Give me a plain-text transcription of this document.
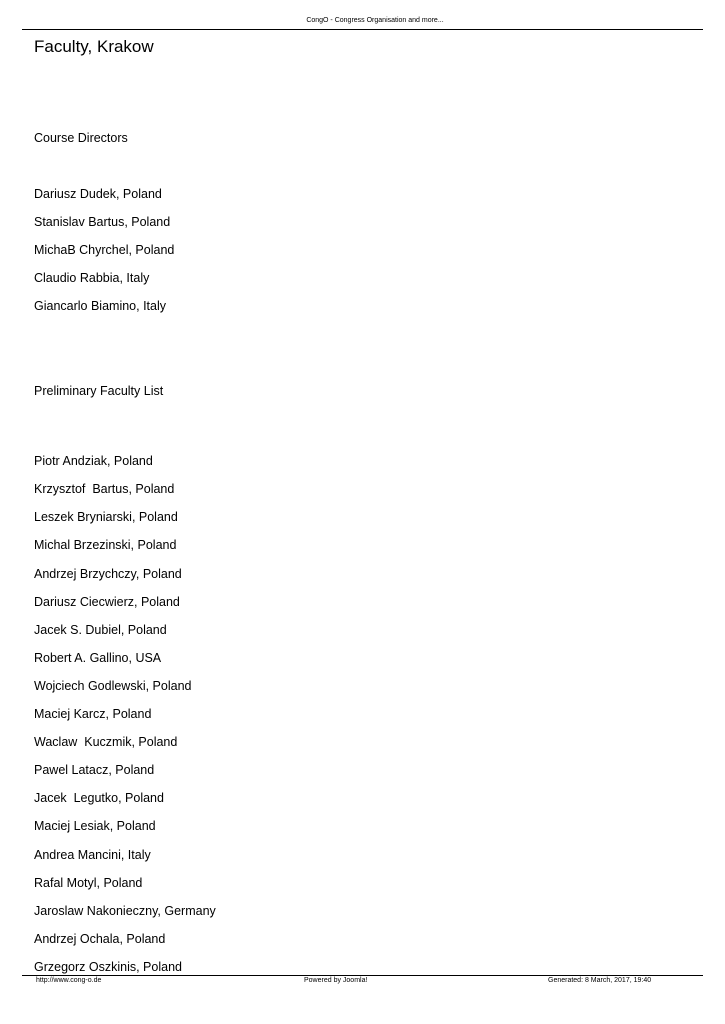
CongO - Congress Organisation and more...
Faculty, Krakow
Course Directors
Dariusz Dudek, Poland
Stanislav Bartus, Poland
MichaB Chyrchel, Poland
Claudio Rabbia, Italy
Giancarlo Biamino, Italy
Preliminary Faculty List
Piotr Andziak, Poland
Krzysztof  Bartus, Poland
Leszek Bryniarski, Poland
Michal Brzezinski, Poland
Andrzej Brzychczy, Poland
Dariusz Ciecwierz, Poland
Jacek S. Dubiel, Poland
Robert A. Gallino, USA
Wojciech Godlewski, Poland
Maciej Karcz, Poland
Waclaw  Kuczmik, Poland
Pawel Latacz, Poland
Jacek  Legutko, Poland
Maciej Lesiak, Poland
Andrea Mancini, Italy
Rafal Motyl, Poland
Jaroslaw Nakonieczny, Germany
Andrzej Ochala, Poland
Grzegorz Oszkinis, Poland
http://www.cong-o.de	Powered by Joomla!	Generated: 8 March, 2017, 19:40
